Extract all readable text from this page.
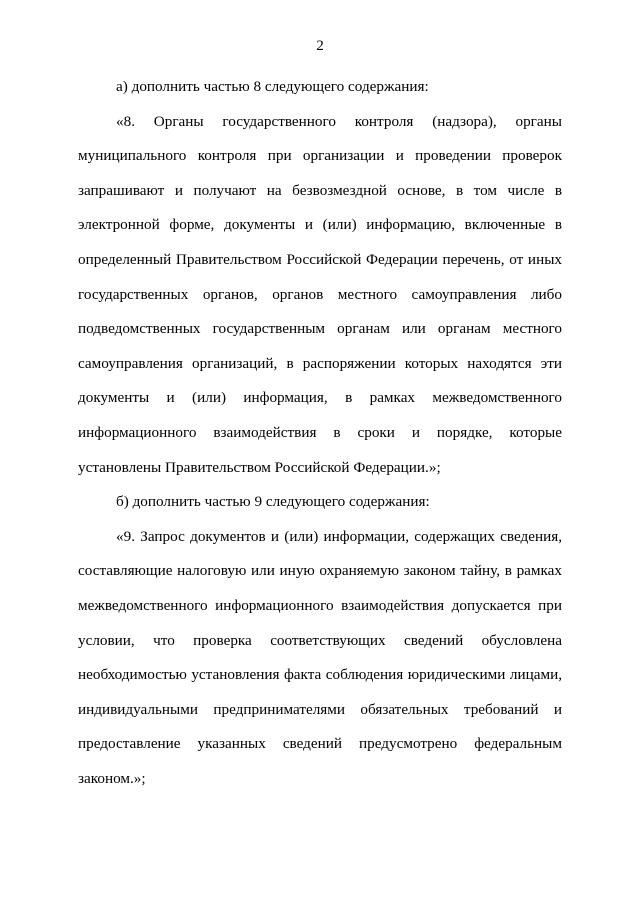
2

а) дополнить частью 8 следующего содержания:

«8. Органы государственного контроля (надзора), органы
муниципального контроля при организации и проведении проверок
запрашивают и получают на безвозмездной основе, в том числе в
электронной форме, документы и (или) информацию, включенные в
определенный Правительством Российской Федерации перечень, от иных
государственных органов, органов местного самоуправления либо
подведомственных государственным органам или органам местного
самоуправления организаций, в распоряжении которых находятся эти
документы и (или) информация, в рамках межведомственного
информационного взаимодействия в сроки и порядке, которые
установлены Правительством Российской Федерации.»;

б) дополнить частью 9 следующего содержания:

«9. Запрос документов и (или) информации, содержащих сведения,
составляющие налоговую или иную охраняемую законом тайну, в рамках
межведомственного информационного взаимодействия допускается при
условии, что проверка соответствующих сведений обусловлена
необходимостью установления факта соблюдения юридическими лицами,
индивидуальными предпринимателями обязательных требований и
предоставление указанных сведений предусмотрено федеральным
законом.»;
